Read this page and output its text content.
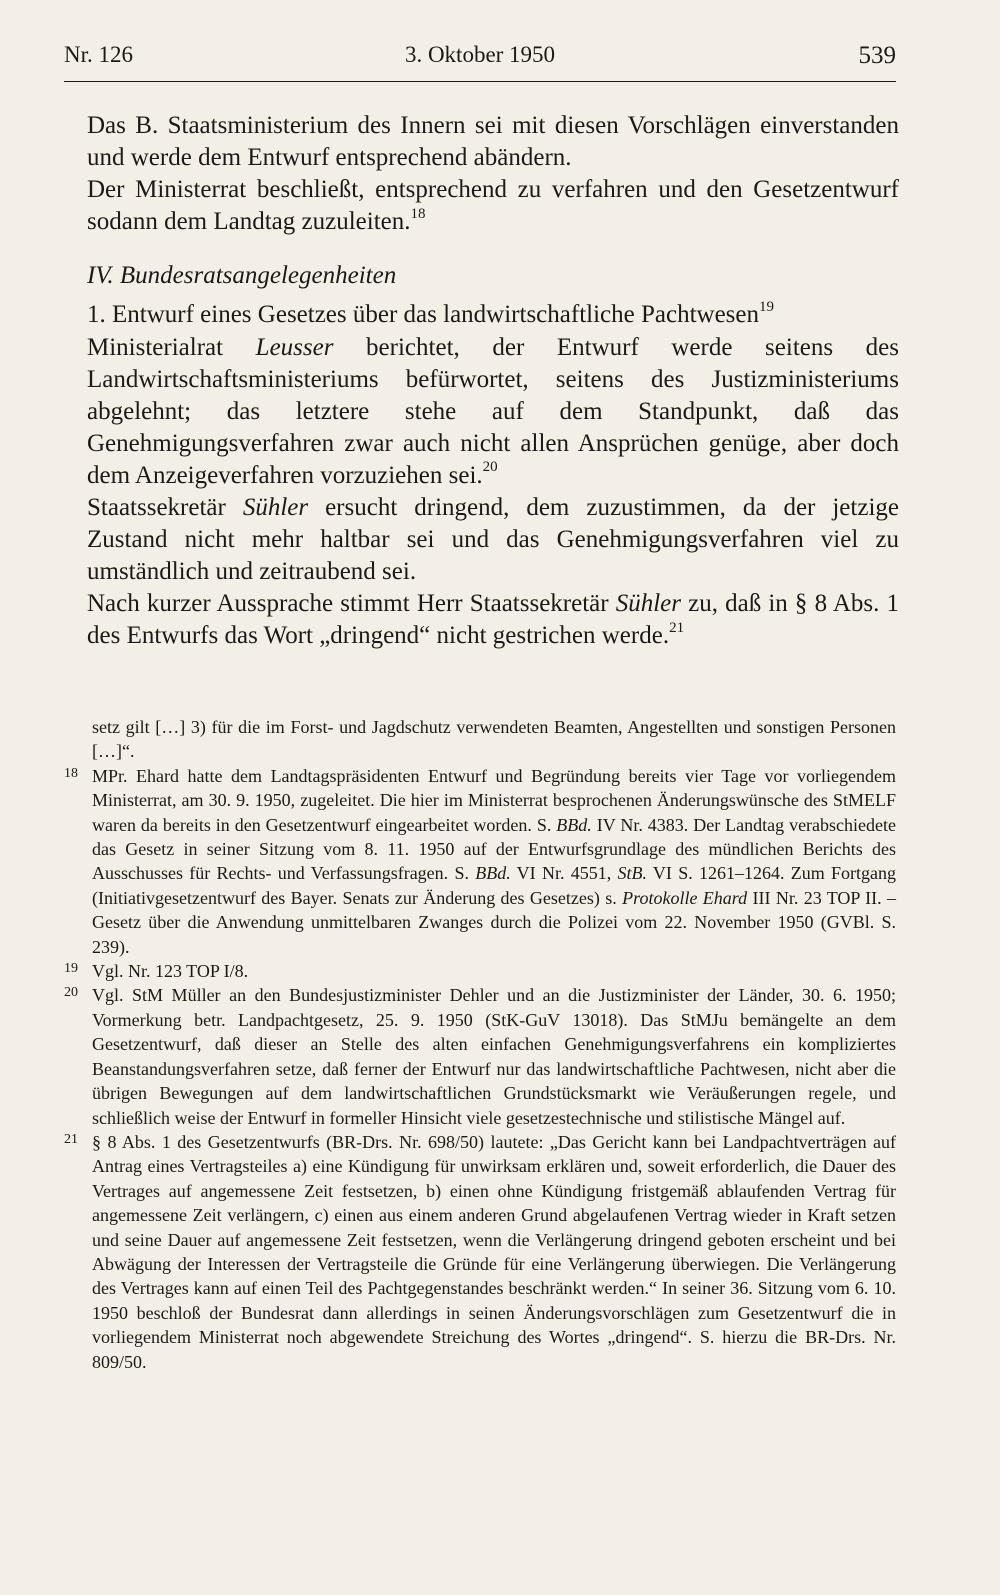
Nr. 126	3. Oktober 1950	539

Das B. Staatsministerium des Innern sei mit diesen Vorschlägen einverstanden und werde dem Entwurf entsprechend abändern.

Der Ministerrat beschließt, entsprechend zu verfahren und den Gesetzentwurf sodann dem Landtag zuzuleiten.$^{18}$

IV. Bundesratsangelegenheiten

1. Entwurf eines Gesetzes über das landwirtschaftliche Pachtwesen$^{19}$

Ministerialrat Leusser berichtet, der Entwurf werde seitens des Landwirtschaftsministeriums befürwortet, seitens des Justizministeriums abgelehnt; das letztere stehe auf dem Standpunkt, daß das Genehmigungsverfahren zwar auch nicht allen Ansprüchen genüge, aber doch dem Anzeigeverfahren vorzuziehen sei.$^{20}$

Staatssekretär Sühler ersucht dringend, dem zuzustimmen, da der jetzige Zustand nicht mehr haltbar sei und das Genehmigungsverfahren viel zu umständlich und zeitraubend sei.

Nach kurzer Aussprache stimmt Herr Staatssekretär Sühler zu, daß in § 8 Abs. 1 des Entwurfs das Wort „dringend“ nicht gestrichen werde.$^{21}$

setz gilt […] 3) für die im Forst- und Jagdschutz verwendeten Beamten, Angestellten und sonstigen Personen […]“.

18 MPr. Ehard hatte dem Landtagspräsidenten Entwurf und Begründung bereits vier Tage vor vorliegendem Ministerrat, am 30. 9. 1950, zugeleitet. Die hier im Ministerrat besprochenen Änderungswünsche des StMELF waren da bereits in den Gesetzentwurf eingearbeitet worden. S. BBd. IV Nr. 4383. Der Landtag verabschiedete das Gesetz in seiner Sitzung vom 8. 11. 1950 auf der Entwurfsgrundlage des mündlichen Berichts des Ausschusses für Rechts- und Verfassungsfragen. S. BBd. VI Nr. 4551, StB. VI S. 1261–1264. Zum Fortgang (Initiativgesetzentwurf des Bayer. Senats zur Änderung des Gesetzes) s. Protokolle Ehard III Nr. 23 TOP II. – Gesetz über die Anwendung unmittelbaren Zwanges durch die Polizei vom 22. November 1950 (GVBl. S. 239).

19 Vgl. Nr. 123 TOP I/8.

20 Vgl. StM Müller an den Bundesjustizminister Dehler und an die Justizminister der Länder, 30. 6. 1950; Vormerkung betr. Landpachtgesetz, 25. 9. 1950 (StK-GuV 13018). Das StMJu bemängelte an dem Gesetzentwurf, daß dieser an Stelle des alten einfachen Genehmigungsverfahrens ein kompliziertes Beanstandungsverfahren setze, daß ferner der Entwurf nur das landwirtschaftliche Pachtwesen, nicht aber die übrigen Bewegungen auf dem landwirtschaftlichen Grundstücksmarkt wie Veräußerungen regele, und schließlich weise der Entwurf in formeller Hinsicht viele gesetzestechnische und stilistische Mängel auf.

21 § 8 Abs. 1 des Gesetzentwurfs (BR-Drs. Nr. 698/50) lautete: „Das Gericht kann bei Landpachtverträgen auf Antrag eines Vertragsteiles a) eine Kündigung für unwirksam erklären und, soweit erforderlich, die Dauer des Vertrages auf angemessene Zeit festsetzen, b) einen ohne Kündigung fristgemäß ablaufenden Vertrag für angemessene Zeit verlängern, c) einen aus einem anderen Grund abgelaufenen Vertrag wieder in Kraft setzen und seine Dauer auf angemessene Zeit festsetzen, wenn die Verlängerung dringend geboten erscheint und bei Abwägung der Interessen der Vertragsteile die Gründe für eine Verlängerung überwiegen. Die Verlängerung des Vertrages kann auf einen Teil des Pachtgegenstandes beschränkt werden.“ In seiner 36. Sitzung vom 6. 10. 1950 beschloß der Bundesrat dann allerdings in seinen Änderungsvorschlägen zum Gesetzentwurf die in vorliegendem Ministerrat noch abgewendete Streichung des Wortes „dringend“. S. hierzu die BR-Drs. Nr. 809/50.
